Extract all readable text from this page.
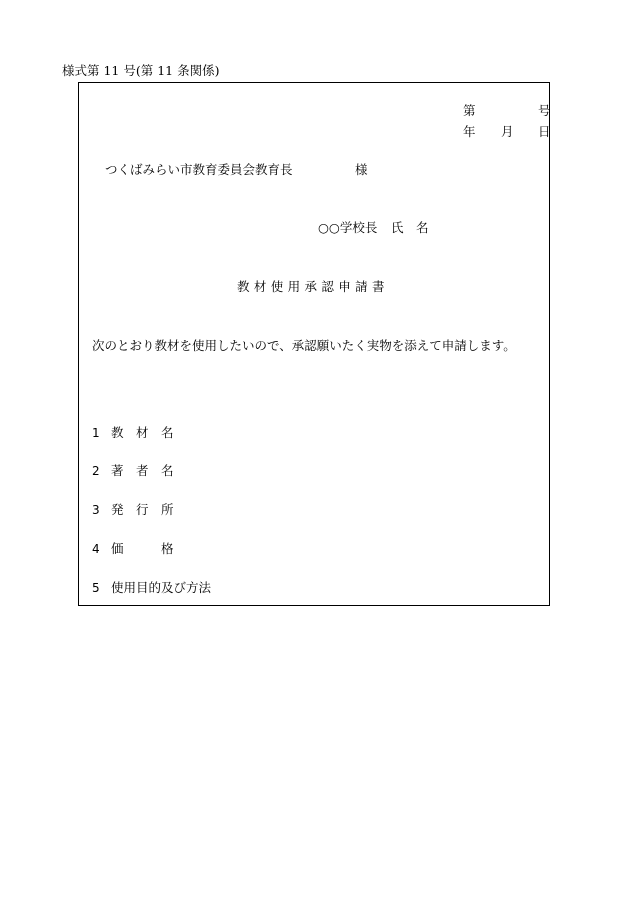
様式第 11 号(第 11 条関係)
第	号
年 月 日
つくばみらい市教育委員会教育長	様
○○学校長 氏　名
教材使用承認申請書
次のとおり教材を使用したいので、承認願いたく実物を添えて申請します。
1 教　材　名
2 著　者　名
3 発　行　所
4 価　　　格
5 使用目的及び方法
